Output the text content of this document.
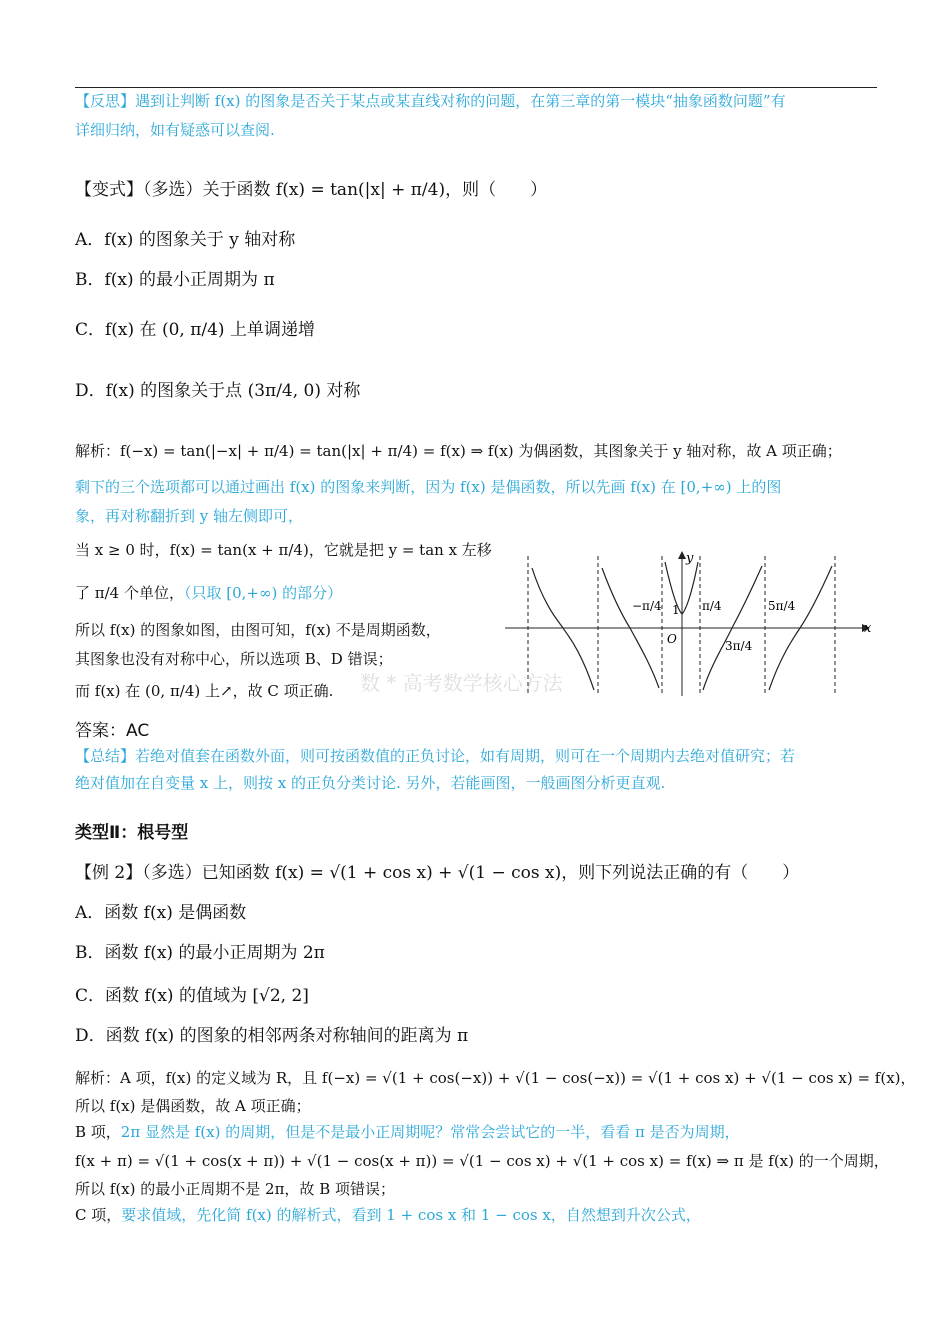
【反思】遇到让判断 f(x) 的图象是否关于某点或某直线对称的问题，在第三章的第一模块“抽象函数问题”有
详细归纳，如有疑惑可以查阅.
【变式】（多选）关于函数 f(x) = tan(|x| + π/4)，则（　　）
A．f(x) 的图象关于 y 轴对称
B．f(x) 的最小正周期为 π
C．f(x) 在 (0, π/4) 上单调递增
D．f(x) 的图象关于点 (3π/4, 0) 对称
解析：f(−x) = tan(|−x| + π/4) = tan(|x| + π/4) = f(x) ⇒ f(x) 为偶函数，其图象关于 y 轴对称，故 A 项正确；
剩下的三个选项都可以通过画出 f(x) 的图象来判断，因为 f(x) 是偶函数，所以先画 f(x) 在 [0,+∞) 上的图
象，再对称翻折到 y 轴左侧即可，
当 x ≥ 0 时，f(x) = tan(x + π/4)，它就是把 y = tan x 左移
了 π/4 个单位，（只取 [0,+∞) 的部分）
所以 f(x) 的图象如图，由图可知，f(x) 不是周期函数，
其图象也没有对称中心，所以选项 B、D 错误；
而 f(x) 在 (0, π/4) 上↗，故 C 项正确.
y
x
O
1
−π/4	π/4
3π/4
5π/4
数 * 高考数学核心方法
答案：AC
【总结】若绝对值套在函数外面，则可按函数值的正负讨论，如有周期，则可在一个周期内去绝对值研究；若
绝对值加在自变量 x 上，则按 x 的正负分类讨论. 另外，若能画图，一般画图分析更直观.
类型Ⅱ：根号型
【例 2】（多选）已知函数 f(x) = √(1 + cos x) + √(1 − cos x)，则下列说法正确的有（　　）
A．函数 f(x) 是偶函数
B．函数 f(x) 的最小正周期为 2π
C．函数 f(x) 的值域为 [√2, 2]
D．函数 f(x) 的图象的相邻两条对称轴间的距离为 π
解析：A 项，f(x) 的定义域为 R，且 f(−x) = √(1 + cos(−x)) + √(1 − cos(−x)) = √(1 + cos x) + √(1 − cos x) = f(x)，
所以 f(x) 是偶函数，故 A 项正确；
B 项，2π 显然是 f(x) 的周期，但是不是最小正周期呢？常常会尝试它的一半，看看 π 是否为周期，
f(x + π) = √(1 + cos(x + π)) + √(1 − cos(x + π)) = √(1 − cos x) + √(1 + cos x) = f(x) ⇒ π 是 f(x) 的一个周期，
所以 f(x) 的最小正周期不是 2π，故 B 项错误；
C 项，要求值域，先化简 f(x) 的解析式，看到 1 + cos x 和 1 − cos x，自然想到升次公式，
